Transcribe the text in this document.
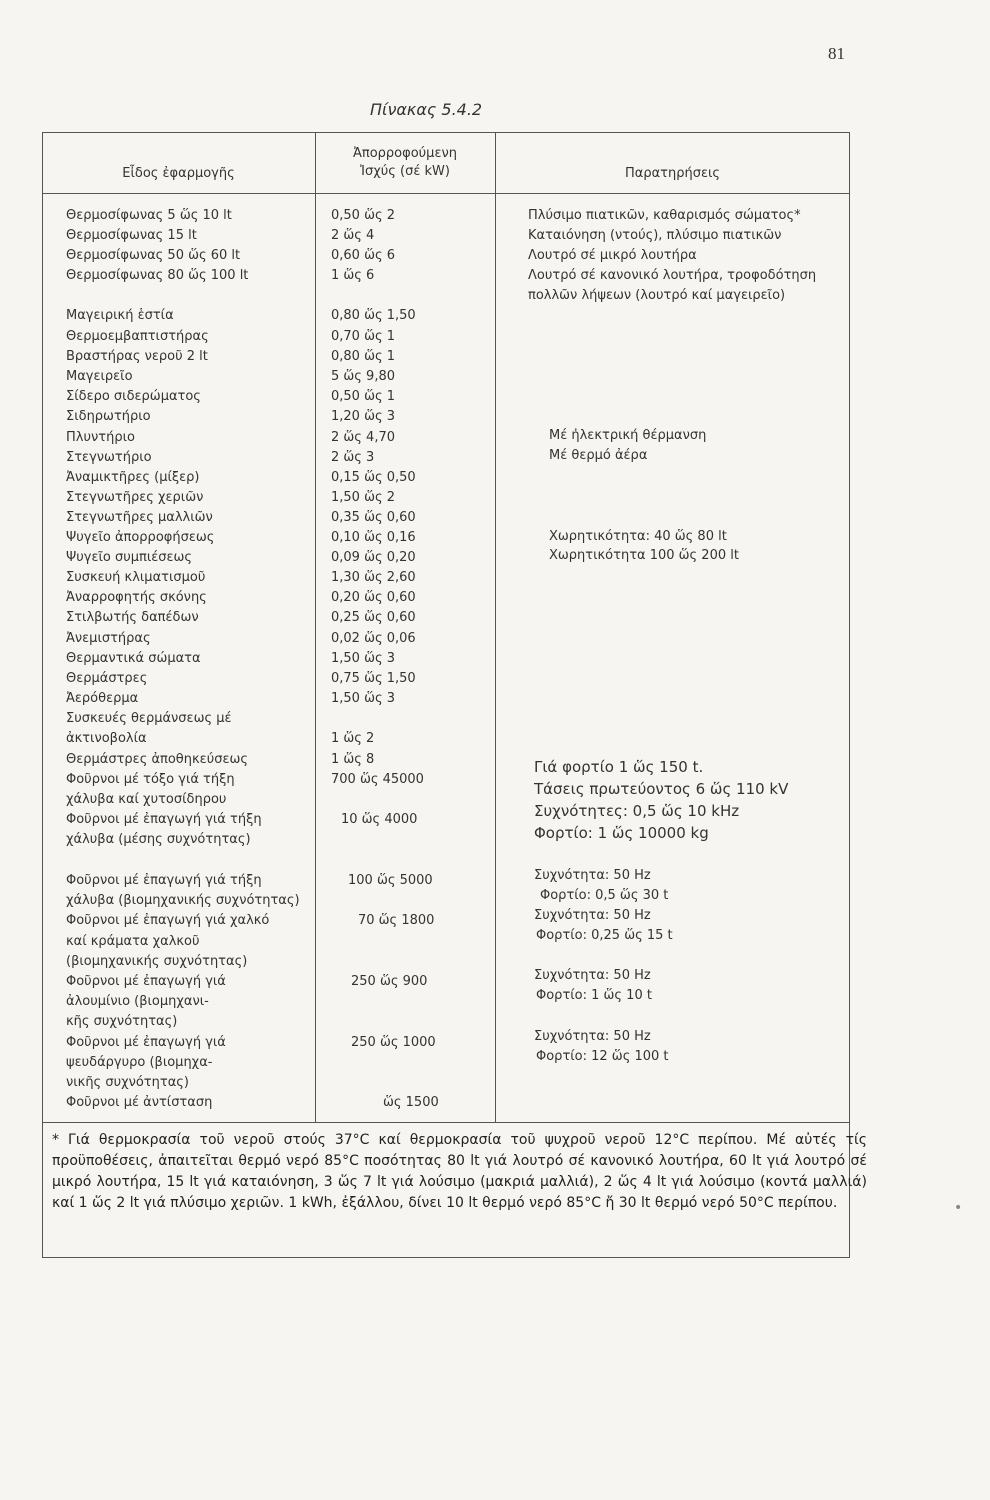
81
Πίνακας 5.4.2
Εἶδος ἐφαρμογῆς
Ἀπορροφούμενη
Ἰσχύς (σέ kW)	Παρατηρήσεις
Θερμοσίφωνας 5 ὥς 10 lt
Θερμοσίφωνας 15 lt
Θερμοσίφωνας 50 ὥς 60 lt
Θερμοσίφωνας 80 ὥς 100 lt
Μαγειρική ἑστία
Θερμοεμβαπτιστήρας
Βραστήρας νεροῦ 2 lt
Μαγειρεῖο
Σίδερο σιδερώματος
Σιδηρωτήριο
Πλυντήριο
Στεγνωτήριο
Ἀναμικτῆρες (μίξερ)
Στεγνωτῆρες χεριῶν
Στεγνωτῆρες μαλλιῶν
Ψυγεῖο ἀπορροφήσεως
Ψυγεῖο συμπιέσεως
Συσκευή κλιματισμοῦ
Ἀναρροφητής σκόνης
Στιλβωτής δαπέδων
Ἀνεμιστήρας
Θερμαντικά σώματα
Θερμάστρες
Ἀερόθερμα
Συσκευές θερμάνσεως μέ
ἀκτινοβολία
Θερμάστρες ἀποθηκεύσεως
Φοῦρνοι μέ τόξο γιά τήξη
χάλυβα καί χυτοσίδηρου
Φοῦρνοι μέ ἐπαγωγή γιά τήξη
χάλυβα (μέσης συχνότητας)
Φοῦρνοι μέ ἐπαγωγή γιά τήξη
χάλυβα (βιομηχανικής συχνότητας)
Φοῦρνοι μέ ἐπαγωγή γιά χαλκό
καί κράματα χαλκοῦ
(βιομηχανικής συχνότητας)
Φοῦρνοι μέ ἐπαγωγή γιά
ἀλουμίνιο (βιομηχανι-
κῆς συχνότητας)
Φοῦρνοι μέ ἐπαγωγή γιά
ψευδάργυρο (βιομηχα-
νικῆς συχνότητας)
Φοῦρνοι μέ ἀντίσταση
0,50 ὥς 2
2 ὥς 4
0,60 ὥς 6
1 ὥς 6
0,80 ὥς 1,50
0,70 ὥς 1
0,80 ὥς 1
5 ὥς 9,80
0,50 ὥς 1
1,20 ὥς 3
2 ὥς 4,70
2 ὥς 3
0,15 ὥς 0,50
1,50 ὥς 2
0,35 ὥς 0,60
0,10 ὥς 0,16
0,09 ὥς 0,20
1,30 ὥς 2,60
0,20 ὥς 0,60
0,25 ὥς 0,60
0,02 ὥς 0,06
1,50 ὥς 3
0,75 ὥς 1,50
1,50 ὥς 3
1 ὥς 2
1 ὥς 8
700 ὥς 45000
10 ὥς 4000
100 ὥς 5000
70 ὥς 1800
250 ὥς 900
250 ὥς 1000
ὥς 1500
Πλύσιμο πιατικῶν, καθαρισμός σώματος*
Καταιόνηση (ντούς), πλύσιμο πιατικῶν
Λουτρό σέ μικρό λουτήρα
Λουτρό σέ κανονικό λουτήρα, τροφοδότηση
πολλῶν λήψεων (λουτρό καί μαγειρεῖο)
Μέ ἠλεκτρική θέρμανση
Μέ θερμό ἀέρα
Χωρητικότητα: 40 ὥς 80 lt
Χωρητικότητα 100 ὥς 200 lt
Γιά φορτίο 1 ὥς 150 t.
Τάσεις πρωτεύοντος 6 ὥς 110 kV
Συχνότητες: 0,5 ὥς 10 kHz
Φορτίο: 1 ὥς 10000 kg
Συχνότητα: 50 Hz
Φορτίο: 0,5 ὥς 30 t
Συχνότητα: 50 Hz
Φορτίο: 0,25 ὥς 15 t
Συχνότητα: 50 Hz
Φορτίο: 1 ὥς 10 t
Συχνότητα: 50 Hz
Φορτίο: 12 ὥς 100 t
* Γιά θερμοκρασία τοῦ νεροῦ στούς 37°C καί θερμοκρασία τοῦ ψυχροῦ νεροῦ 12°C περίπου. Μέ αὐτές τίς προϋποθέσεις, ἀπαιτεῖται θερμό νερό 85°C ποσότητας 80 lt γιά λουτρό σέ κανονικό λουτήρα, 60 lt γιά λουτρό σέ μικρό λουτήρα, 15 lt γιά καταιόνηση, 3 ὥς 7 lt γιά λούσιμο (μακριά μαλλιά), 2 ὥς 4 lt γιά λούσιμο (κοντά μαλλιά) καί 1 ὥς 2 lt γιά πλύσιμο χεριῶν. 1 kWh, ἐξάλλου, δίνει 10 lt θερμό νερό 85°C ἤ 30 lt θερμό νερό 50°C περίπου.	•
